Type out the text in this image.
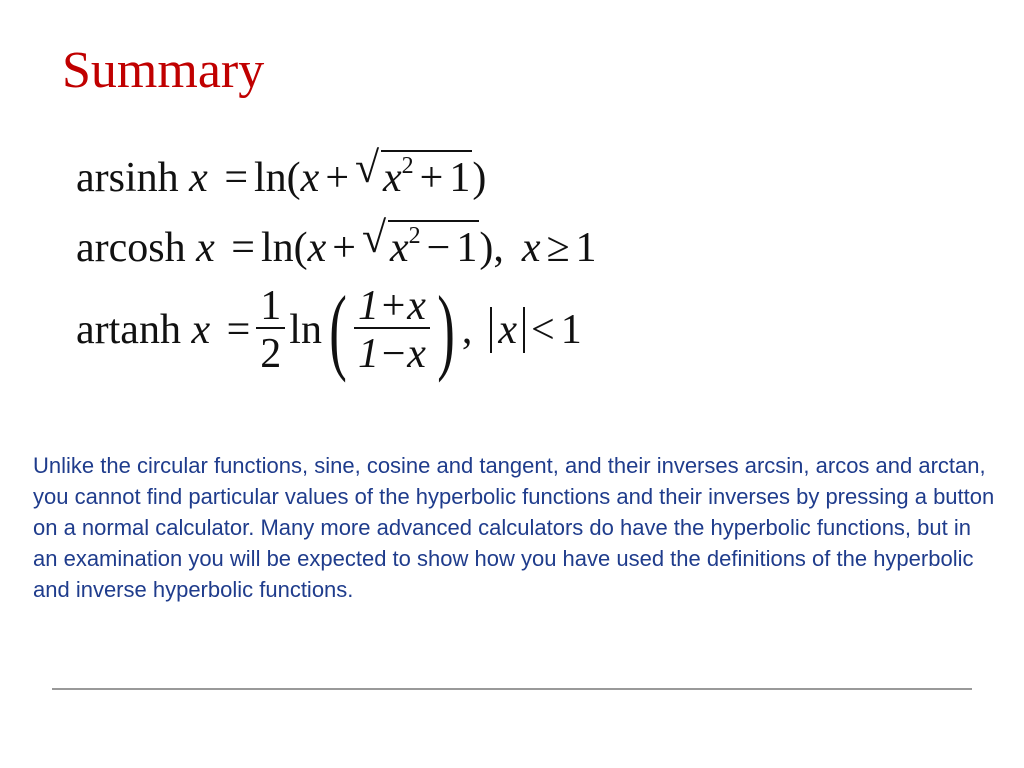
Summary
arsinh x = ln(x + √ $x^2 + 1$)
arcosh x = ln(x + √ $x^2 - 1$), x ≥ 1
artanh $x = \frac{1}{2} \ln( \frac{1+x}{1-x}$ ) , x < 1
Unlike the circular functions, sine, cosine and tangent, and their inverses arcsin, arcos and arctan, you cannot find particular values of the hyperbolic functions and their inverses by pressing a button on a normal calculator. Many more advanced calculators do have the hyperbolic functions, but in an examination you will be expected to show how you have used the definitions of the hyperbolic and inverse hyperbolic functions.
